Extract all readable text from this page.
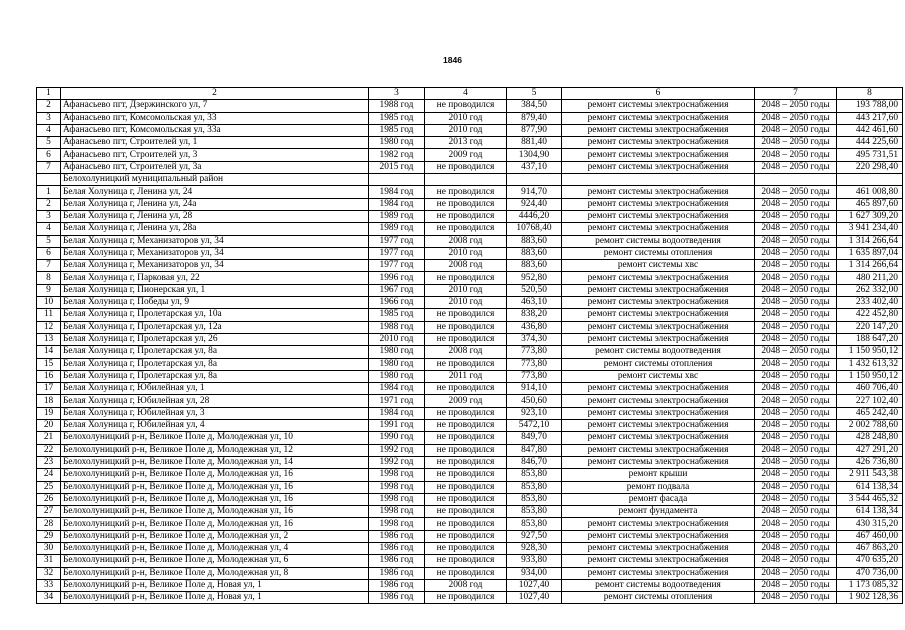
1846
1	2	3	4	5	6	7	8
2	Афанасьево пгт, Дзержинского ул, 7	1988 год	не проводился	384,50	ремонт системы электроснабжения	2048 – 2050 годы	193 788,00
3	Афанасьево пгт, Комсомольская ул, 33	1985 год	2010 год	879,40	ремонт системы электроснабжения	2048 – 2050 годы	443 217,60
4	Афанасьево пгт, Комсомольская ул, 33а	1985 год	2010 год	877,90	ремонт системы электроснабжения	2048 – 2050 годы	442 461,60
5	Афанасьево пгт, Строителей ул, 1	1980 год	2013 год	881,40	ремонт системы электроснабжения	2048 – 2050 годы	444 225,60
6	Афанасьево пгт, Строителей ул, 3	1982 год	2009 год	1304,90	ремонт системы электроснабжения	2048 – 2050 годы	495 731,51
7	Афанасьево пгт, Строителей ул, 3а	2015 год	не проводился	437,10	ремонт системы электроснабжения	2048 – 2050 годы	220 298,40
	Белохолуницкий муниципальный район						
1	Белая Холуница г, Ленина ул, 24	1984 год	не проводился	914,70	ремонт системы электроснабжения	2048 – 2050 годы	461 008,80
2	Белая Холуница г, Ленина ул, 24а	1984 год	не проводился	924,40	ремонт системы электроснабжения	2048 – 2050 годы	465 897,60
3	Белая Холуница г, Ленина ул, 28	1989 год	не проводился	4446,20	ремонт системы электроснабжения	2048 – 2050 годы	1 627 309,20
4	Белая Холуница г, Ленина ул, 28а	1989 год	не проводился	10768,40	ремонт системы электроснабжения	2048 – 2050 годы	3 941 234,40
5	Белая Холуница г, Механизаторов ул, 34	1977 год	2008 год	883,60	ремонт системы водоотведения	2048 – 2050 годы	1 314 266,64
6	Белая Холуница г, Механизаторов ул, 34	1977 год	2010 год	883,60	ремонт системы отопления	2048 – 2050 годы	1 635 897,04
7	Белая Холуница г, Механизаторов ул, 34	1977 год	2008 год	883,60	ремонт системы хвс	2048 – 2050 годы	1 314 266,64
8	Белая Холуница г, Парковая ул, 22	1996 год	не проводился	952,80	ремонт системы электроснабжения	2048 – 2050 годы	480 211,20
9	Белая Холуница г, Пионерская ул, 1	1967 год	2010 год	520,50	ремонт системы электроснабжения	2048 – 2050 годы	262 332,00
10	Белая Холуница г, Победы ул, 9	1966 год	2010 год	463,10	ремонт системы электроснабжения	2048 – 2050 годы	233 402,40
11	Белая Холуница г, Пролетарская ул, 10а	1985 год	не проводился	838,20	ремонт системы электроснабжения	2048 – 2050 годы	422 452,80
12	Белая Холуница г, Пролетарская ул, 12а	1988 год	не проводился	436,80	ремонт системы электроснабжения	2048 – 2050 годы	220 147,20
13	Белая Холуница г, Пролетарская ул, 26	2010 год	не проводился	374,30	ремонт системы электроснабжения	2048 – 2050 годы	188 647,20
14	Белая Холуница г, Пролетарская ул, 8а	1980 год	2008 год	773,80	ремонт системы водоотведения	2048 – 2050 годы	1 150 950,12
15	Белая Холуница г, Пролетарская ул, 8а	1980 год	не проводился	773,80	ремонт системы отопления	2048 – 2050 годы	1 432 613,32
16	Белая Холуница г, Пролетарская ул, 8а	1980 год	2011 год	773,80	ремонт системы хвс	2048 – 2050 годы	1 150 950,12
17	Белая Холуница г, Юбилейная ул, 1	1984 год	не проводился	914,10	ремонт системы электроснабжения	2048 – 2050 годы	460 706,40
18	Белая Холуница г, Юбилейная ул, 28	1971 год	2009 год	450,60	ремонт системы электроснабжения	2048 – 2050 годы	227 102,40
19	Белая Холуница г, Юбилейная ул, 3	1984 год	не проводился	923,10	ремонт системы электроснабжения	2048 – 2050 годы	465 242,40
20	Белая Холуница г, Юбилейная ул, 4	1991 год	не проводился	5472,10	ремонт системы электроснабжения	2048 – 2050 годы	2 002 788,60
21	Белохолуницкий р-н, Великое Поле д, Молодежная ул, 10	1990 год	не проводился	849,70	ремонт системы электроснабжения	2048 – 2050 годы	428 248,80
22	Белохолуницкий р-н, Великое Поле д, Молодежная ул, 12	1992 год	не проводился	847,80	ремонт системы электроснабжения	2048 – 2050 годы	427 291,20
23	Белохолуницкий р-н, Великое Поле д, Молодежная ул, 14	1992 год	не проводился	846,70	ремонт системы электроснабжения	2048 – 2050 годы	426 736,80
24	Белохолуницкий р-н, Великое Поле д, Молодежная ул, 16	1998 год	не проводился	853,80	ремонт крыши	2048 – 2050 годы	2 911 543,38
25	Белохолуницкий р-н, Великое Поле д, Молодежная ул, 16	1998 год	не проводился	853,80	ремонт подвала	2048 – 2050 годы	614 138,34
26	Белохолуницкий р-н, Великое Поле д, Молодежная ул, 16	1998 год	не проводился	853,80	ремонт фасада	2048 – 2050 годы	3 544 465,32
27	Белохолуницкий р-н, Великое Поле д, Молодежная ул, 16	1998 год	не проводился	853,80	ремонт фундамента	2048 – 2050 годы	614 138,34
28	Белохолуницкий р-н, Великое Поле д, Молодежная ул, 16	1998 год	не проводился	853,80	ремонт системы электроснабжения	2048 – 2050 годы	430 315,20
29	Белохолуницкий р-н, Великое Поле д, Молодежная ул, 2	1986 год	не проводился	927,50	ремонт системы электроснабжения	2048 – 2050 годы	467 460,00
30	Белохолуницкий р-н, Великое Поле д, Молодежная ул, 4	1986 год	не проводился	928,30	ремонт системы электроснабжения	2048 – 2050 годы	467 863,20
31	Белохолуницкий р-н, Великое Поле д, Молодежная ул, 6	1986 год	не проводился	933,80	ремонт системы электроснабжения	2048 – 2050 годы	470 635,20
32	Белохолуницкий р-н, Великое Поле д, Молодежная ул, 8	1986 год	не проводился	934,00	ремонт системы электроснабжения	2048 – 2050 годы	470 736,00
33	Белохолуницкий р-н, Великое Поле д, Новая ул, 1	1986 год	2008 год	1027,40	ремонт системы водоотведения	2048 – 2050 годы	1 173 085,32
34	Белохолуницкий р-н, Великое Поле д, Новая ул, 1	1986 год	не проводился	1027,40	ремонт системы отопления	2048 – 2050 годы	1 902 128,36
